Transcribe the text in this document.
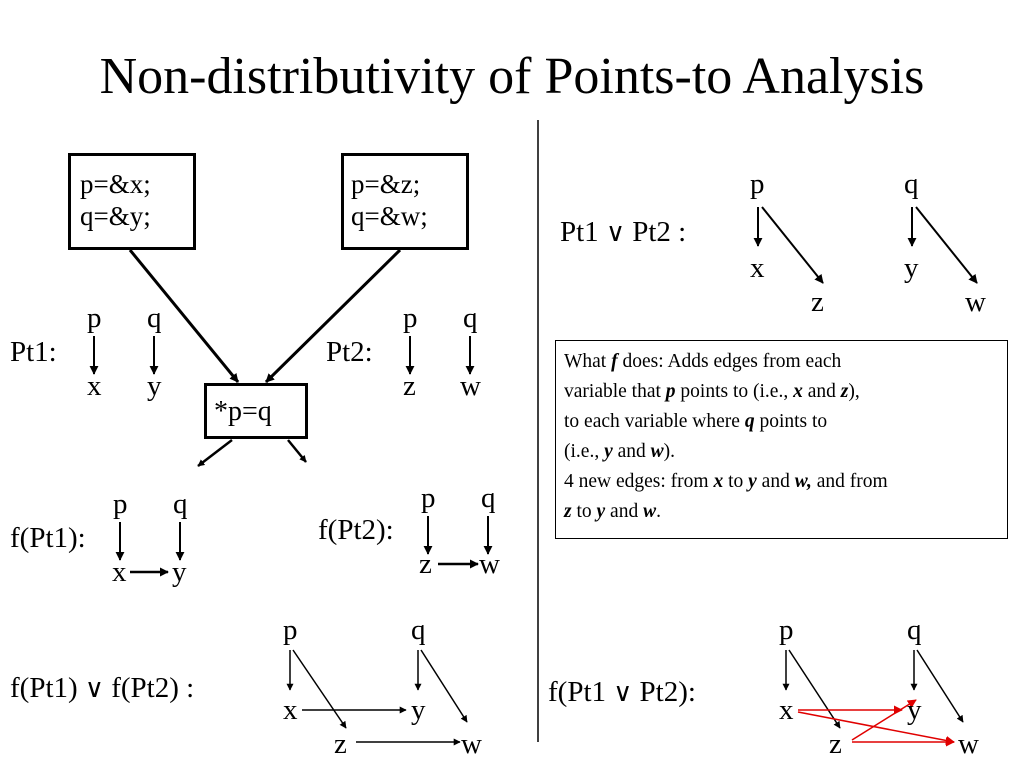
Non-distributivity of Points-to Analysis
p=&x;
q=&y;
p=&z;
q=&w;
*p=q
Pt1:
p q
x y
Pt2:
p q
z w
f(Pt1):
p q
x y
f(Pt2):
p q
z w
f(Pt1) ∨ f(Pt2) :
p	q
x	y
z	w
Pt1 ∨ Pt2 :
p	q
x	y
z	w
What f does: Adds edges from each
variable that p points to (i.e., x and z),
to each variable where q points to
(i.e., y and w).
4 new edges: from x to y and w, and from
z to y and w.
f(Pt1 ∨ Pt2):
p	q
x	y
z	w
